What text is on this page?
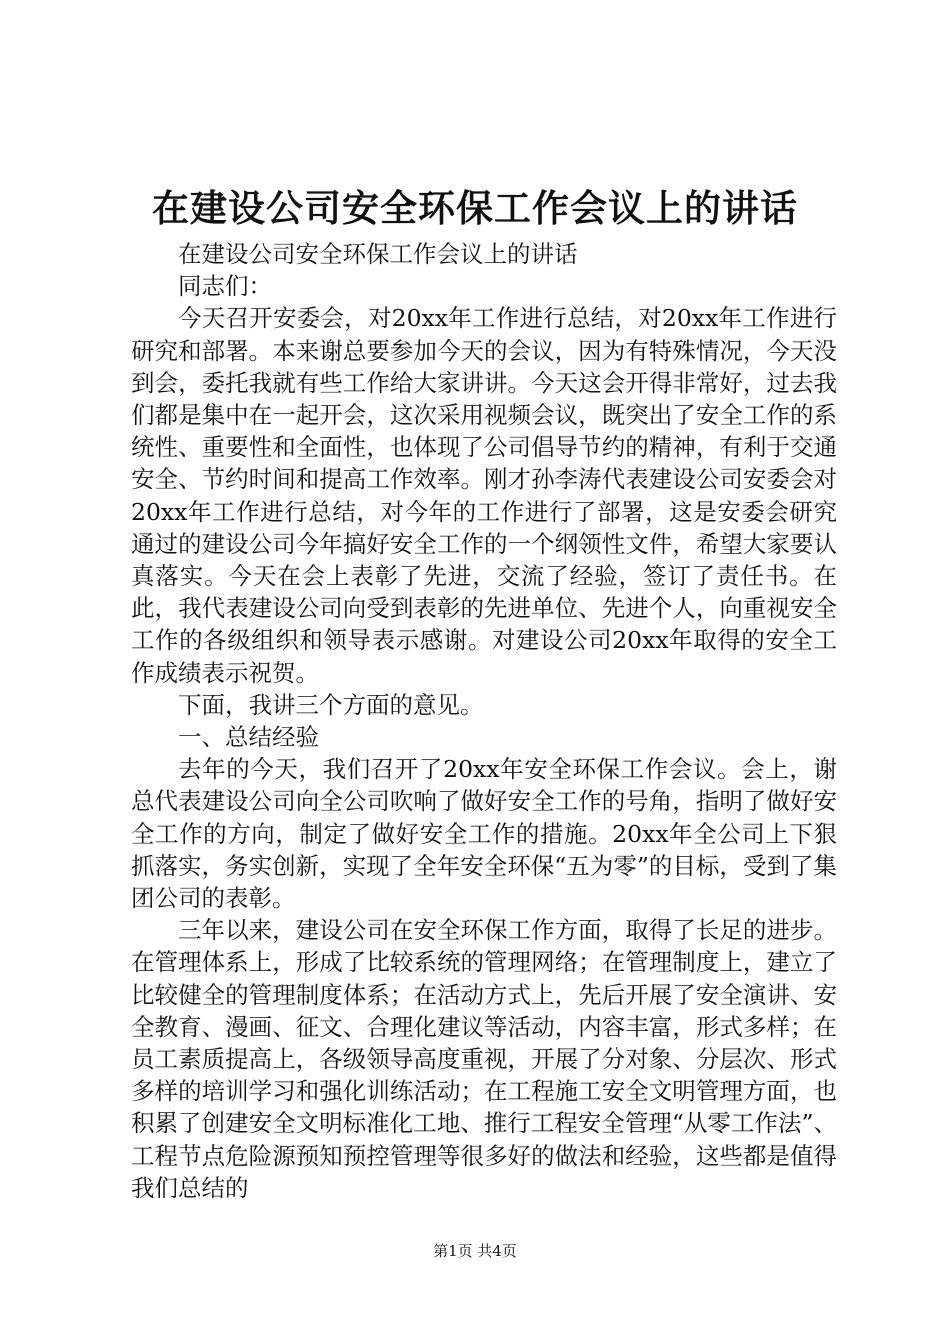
在建设公司安全环保工作会议上的讲话

在建设公司安全环保工作会议上的讲话

同志们：

今天召开安委会，对20xx年工作进行总结，对20xx年工作进行研究和部署。本来谢总要参加今天的会议，因为有特殊情况，今天没到会，委托我就有些工作给大家讲讲。今天这会开得非常好，过去我们都是集中在一起开会，这次采用视频会议，既突出了安全工作的系统性、重要性和全面性，也体现了公司倡导节约的精神，有利于交通安全、节约时间和提高工作效率。刚才孙李涛代表建设公司安委会对20xx年工作进行总结，对今年的工作进行了部署，这是安委会研究通过的建设公司今年搞好安全工作的一个纲领性文件，希望大家要认真落实。今天在会上表彰了先进，交流了经验，签订了责任书。在此，我代表建设公司向受到表彰的先进单位、先进个人，向重视安全工作的各级组织和领导表示感谢。对建设公司20xx年取得的安全工作成绩表示祝贺。

下面，我讲三个方面的意见。

一、总结经验

去年的今天，我们召开了20xx年安全环保工作会议。会上，谢总代表建设公司向全公司吹响了做好安全工作的号角，指明了做好安全工作的方向，制定了做好安全工作的措施。20xx年全公司上下狠抓落实，务实创新，实现了全年安全环保“五为零”的目标，受到了集团公司的表彰。

三年以来，建设公司在安全环保工作方面，取得了长足的进步。在管理体系上，形成了比较系统的管理网络；在管理制度上，建立了比较健全的管理制度体系；在活动方式上，先后开展了安全演讲、安全教育、漫画、征文、合理化建议等活动，内容丰富，形式多样；在员工素质提高上，各级领导高度重视，开展了分对象、分层次、形式多样的培训学习和强化训练活动；在工程施工安全文明管理方面，也积累了创建安全文明标准化工地、推行工程安全管理“从零工作法”、工程节点危险源预知预控管理等很多好的做法和经验，这些都是值得我们总结的

第1页 共4页
